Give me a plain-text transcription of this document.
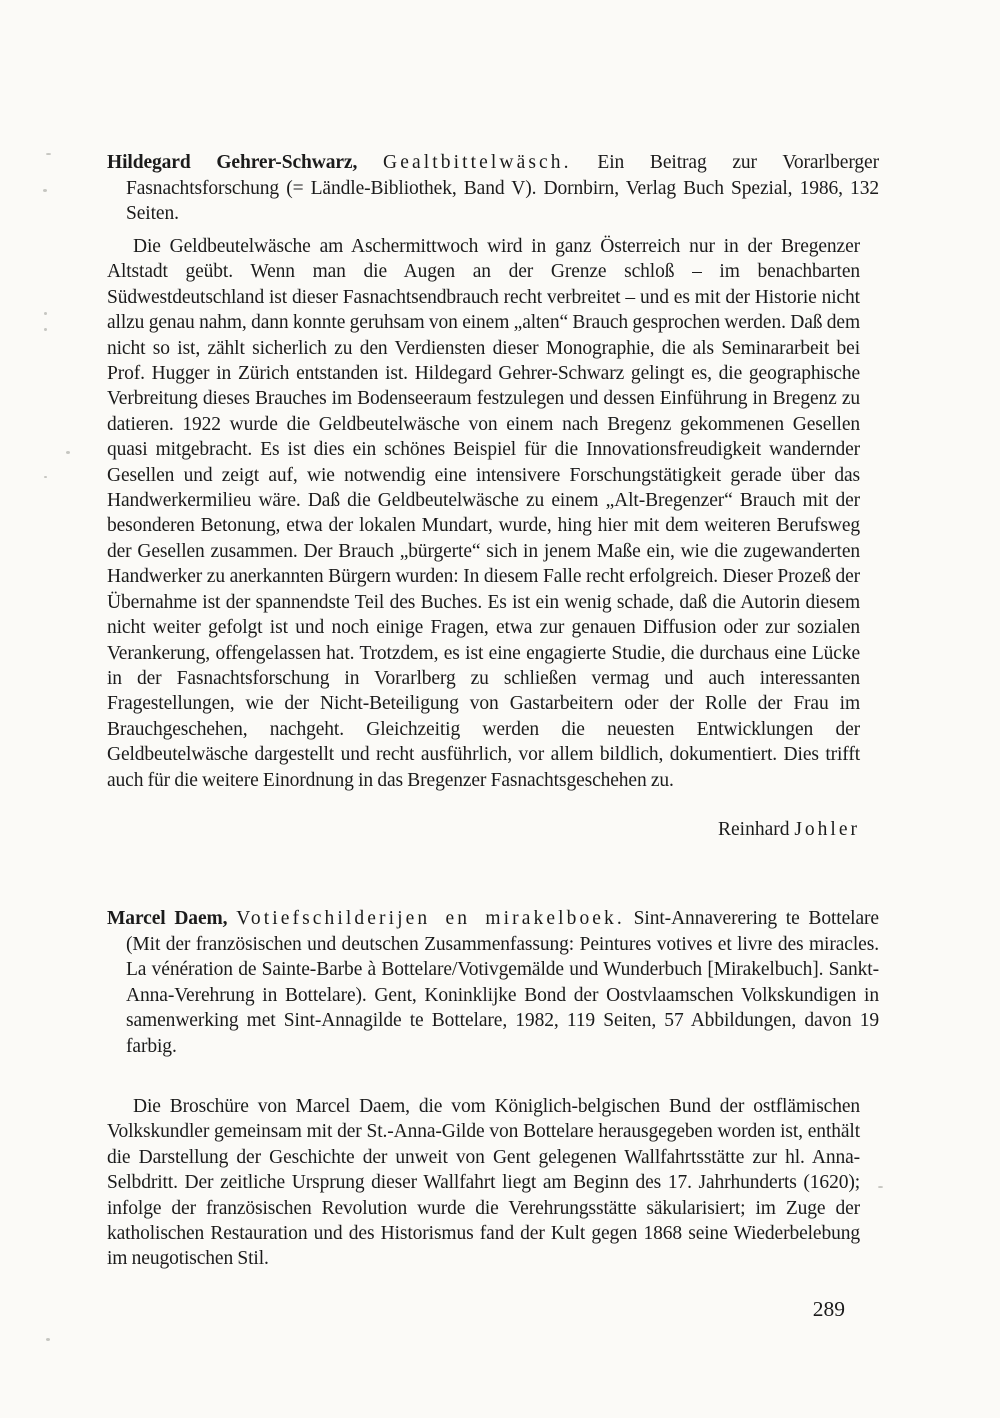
Hildegard Gehrer-Schwarz, Gealtbittelwäsch. Ein Beitrag zur Vorarlberger Fasnachtsforschung (= Ländle-Bibliothek, Band V). Dornbirn, Verlag Buch Spezial, 1986, 132 Seiten.

Die Geldbeutelwäsche am Aschermittwoch wird in ganz Österreich nur in der Bregenzer Altstadt geübt. Wenn man die Augen an der Grenze schloß – im benachbarten Südwestdeutschland ist dieser Fasnachtsendbrauch recht verbreitet – und es mit der Historie nicht allzu genau nahm, dann konnte geruhsam von einem „alten“ Brauch gesprochen werden. Daß dem nicht so ist, zählt sicherlich zu den Verdiensten dieser Monographie, die als Seminararbeit bei Prof. Hugger in Zürich entstanden ist. Hildegard Gehrer-Schwarz gelingt es, die geographische Verbreitung dieses Brauches im Bodenseeraum festzulegen und dessen Einführung in Bregenz zu datieren. 1922 wurde die Geldbeutelwäsche von einem nach Bregenz gekommenen Gesellen quasi mitgebracht. Es ist dies ein schönes Beispiel für die Innovationsfreudigkeit wandernder Gesellen und zeigt auf, wie notwendig eine intensivere Forschungstätigkeit gerade über das Handwerkermilieu wäre. Daß die Geldbeutelwäsche zu einem „Alt-Bregenzer“ Brauch mit der besonderen Betonung, etwa der lokalen Mundart, wurde, hing hier mit dem weiteren Berufsweg der Gesellen zusammen. Der Brauch „bürgerte“ sich in jenem Maße ein, wie die zugewanderten Handwerker zu anerkannten Bürgern wurden: In diesem Falle recht erfolgreich. Dieser Prozeß der Übernahme ist der spannendste Teil des Buches. Es ist ein wenig schade, daß die Autorin diesem nicht weiter gefolgt ist und noch einige Fragen, etwa zur genauen Diffusion oder zur sozialen Verankerung, offengelassen hat. Trotzdem, es ist eine engagierte Studie, die durchaus eine Lücke in der Fasnachtsforschung in Vorarlberg zu schließen vermag und auch interessanten Fragestellungen, wie der Nicht-Beteiligung von Gastarbeitern oder der Rolle der Frau im Brauchgeschehen, nachgeht. Gleichzeitig werden die neuesten Entwicklungen der Geldbeutelwäsche dargestellt und recht ausführlich, vor allem bildlich, dokumentiert. Dies trifft auch für die weitere Einordnung in das Bregenzer Fasnachtsgeschehen zu.

Reinhard Johler

Marcel Daem, Votiefschilderijen en mirakelboek. Sint-Annaverering te Bottelare (Mit der französischen und deutschen Zusammenfassung: Peintures votives et livre des miracles. La vénération de Sainte-Barbe à Bottelare/Votivgemälde und Wunderbuch [Mirakelbuch]. Sankt-Anna-Verehrung in Bottelare). Gent, Koninklijke Bond der Oostvlaamschen Volkskundigen in samenwerking met Sint-Annagilde te Bottelare, 1982, 119 Seiten, 57 Abbildungen, davon 19 farbig.

Die Broschüre von Marcel Daem, die vom Königlich-belgischen Bund der ostflämischen Volkskundler gemeinsam mit der St.-Anna-Gilde von Bottelare herausgegeben worden ist, enthält die Darstellung der Geschichte der unweit von Gent gelegenen Wallfahrtsstätte zur hl. Anna-Selbdritt. Der zeitliche Ursprung dieser Wallfahrt liegt am Beginn des 17. Jahrhunderts (1620); infolge der französischen Revolution wurde die Verehrungsstätte säkularisiert; im Zuge der katholischen Restauration und des Historismus fand der Kult gegen 1868 seine Wiederbelebung im neugotischen Stil.

289
